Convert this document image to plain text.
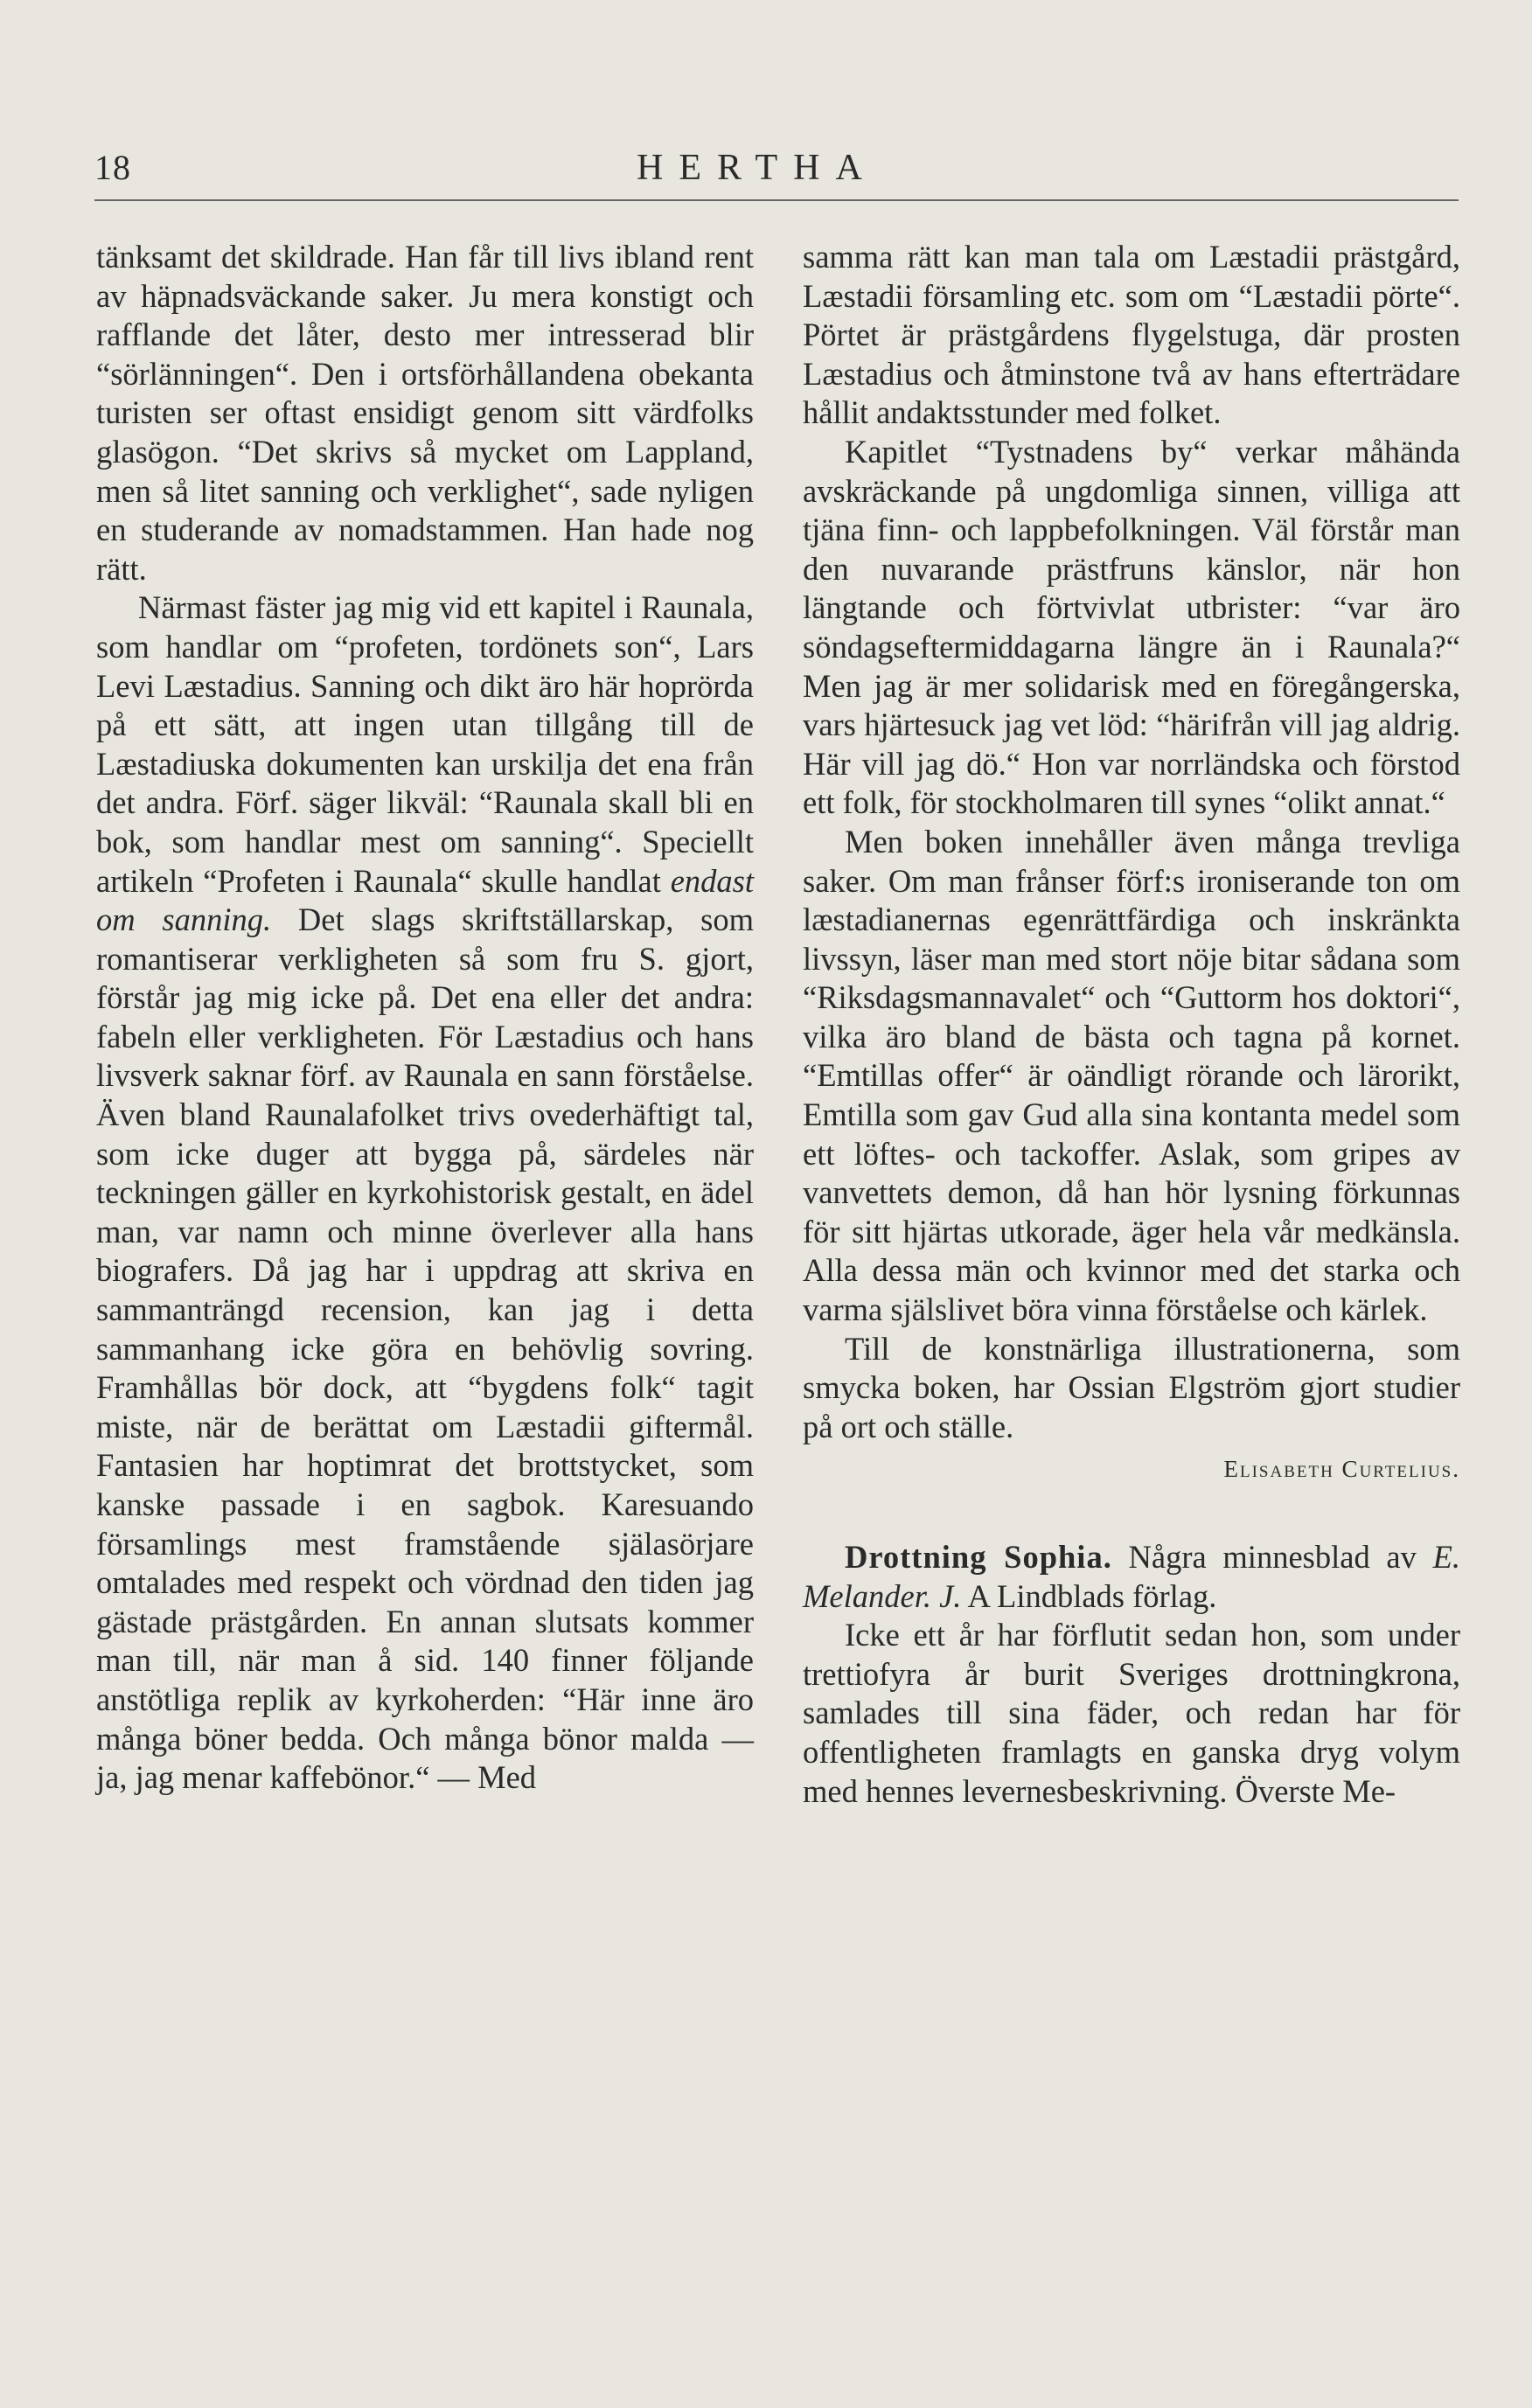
18	HERTHA

tänksamt det skildrade. Han får till livs ibland rent av häpnadsväckande saker. Ju mera konstigt och rafflande det låter, desto mer intresserad blir “sörlänningen“. Den i ortsförhållandena obekanta turisten ser oftast ensidigt genom sitt värdfolks glasögon. “Det skrivs så mycket om Lappland, men så litet sanning och verklighet“, sade nyligen en studerande av nomadstammen. Han hade nog rätt.

Närmast fäster jag mig vid ett kapitel i Raunala, som handlar om “profeten, tordönets son“, Lars Levi Læstadius. Sanning och dikt äro här hoprörda på ett sätt, att ingen utan tillgång till de Læstadiuska dokumenten kan urskilja det ena från det andra. Förf. säger likväl: “Raunala skall bli en bok, som handlar mest om sanning“. Speciellt artikeln “Profeten i Raunala“ skulle handlat endast om sanning. Det slags skriftställarskap, som romantiserar verkligheten så som fru S. gjort, förstår jag mig icke på. Det ena eller det andra: fabeln eller verkligheten. För Læstadius och hans livsverk saknar förf. av Raunala en sann förståelse. Även bland Raunalafolket trivs ovederhäftigt tal, som icke duger att bygga på, särdeles när teckningen gäller en kyrkohistorisk gestalt, en ädel man, var namn och minne överlever alla hans biografers. Då jag har i uppdrag att skriva en sammanträngd recension, kan jag i detta sammanhang icke göra en behövlig sovring. Framhållas bör dock, att “bygdens folk“ tagit miste, när de berättat om Læstadii giftermål. Fantasien har hoptimrat det brottstycket, som kanske passade i en sagbok. Karesuando församlings mest framstående själasörjare omtalades med respekt och vördnad den tiden jag gästade prästgården. En annan slutsats kommer man till, när man å sid. 140 finner följande anstötliga replik av kyrkoherden: “Här inne äro många böner bedda. Och många bönor malda — ja, jag menar kaffebönor.“ — Med

samma rätt kan man tala om Læstadii prästgård, Læstadii församling etc. som om “Læstadii pörte“. Pörtet är prästgårdens flygelstuga, där prosten Læstadius och åtminstone två av hans efterträdare hållit andaktsstunder med folket.

Kapitlet “Tystnadens by“ verkar måhända avskräckande på ungdomliga sinnen, villiga att tjäna finn- och lappbefolkningen. Väl förstår man den nuvarande prästfruns känslor, när hon längtande och förtvivlat utbrister: “var äro söndagseftermiddagarna längre än i Raunala?“ Men jag är mer solidarisk med en föregångerska, vars hjärtesuck jag vet löd: “härifrån vill jag aldrig. Här vill jag dö.“ Hon var norrländska och förstod ett folk, för stockholmaren till synes “olikt annat.“

Men boken innehåller även många trevliga saker. Om man frånser förf:s ironiserande ton om læstadianernas egenrättfärdiga och inskränkta livssyn, läser man med stort nöje bitar sådana som “Riksdagsmannavalet“ och “Guttorm hos doktori“, vilka äro bland de bästa och tagna på kornet. “Emtillas offer“ är oändligt rörande och lärorikt, Emtilla som gav Gud alla sina kontanta medel som ett löftes- och tackoffer. Aslak, som gripes av vanvettets demon, då han hör lysning förkunnas för sitt hjärtas utkorade, äger hela vår medkänsla. Alla dessa män och kvinnor med det starka och varma själslivet böra vinna förståelse och kärlek.

Till de konstnärliga illustrationerna, som smycka boken, har Ossian Elgström gjort studier på ort och ställe.

Elisabeth Curtelius.

Drottning Sophia. Några minnesblad av E. Melander. J. A Lindblads förlag.

Icke ett år har förflutit sedan hon, som under trettiofyra år burit Sveriges drottningkrona, samlades till sina fäder, och redan har för offentligheten framlagts en ganska dryg volym med hennes levernesbeskrivning. Överste Me-
